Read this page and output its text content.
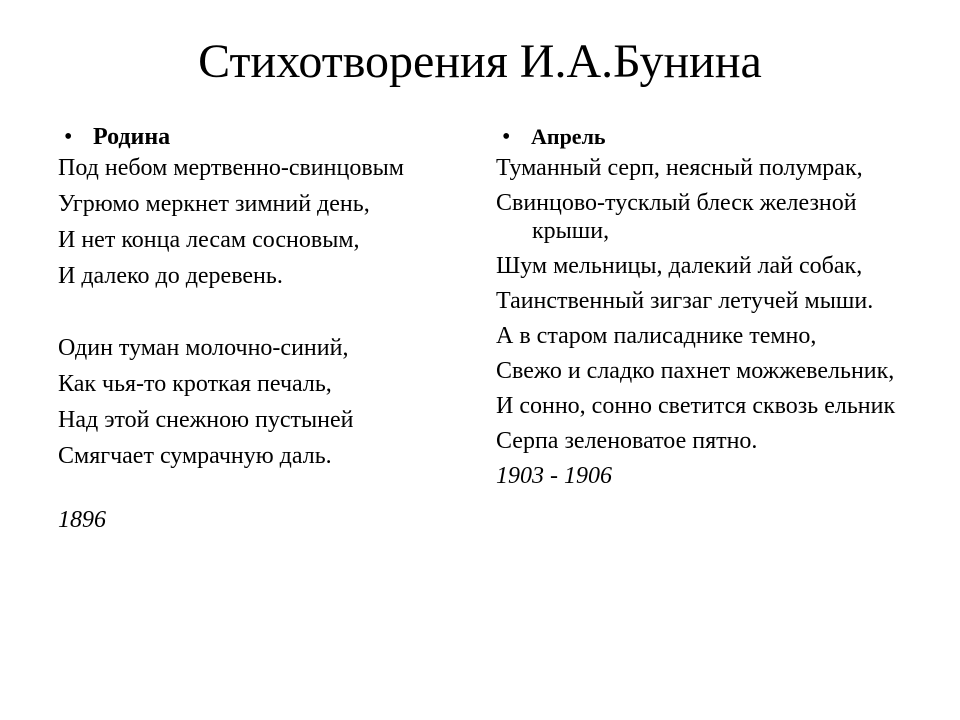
Стихотворения И.А.Бунина
• Родина
Под небом мертвенно-свинцовым
Угрюмо меркнет зимний день,
И нет конца лесам сосновым,
И далеко до деревень.
Один туман молочно-синий,
Как чья-то кроткая печаль,
Над этой снежною пустыней
Смягчает сумрачную даль.
1896
• Апрель
Туманный серп, неясный полумрак,
Свинцово-тусклый блеск железной крыши,
Шум мельницы, далекий лай собак,
Таинственный зигзаг летучей мыши.
А в старом палисаднике темно,
Свежо и сладко пахнет можжевельник,
И сонно, сонно светится сквозь ельник
Серпа зеленоватое пятно.
1903 - 1906
